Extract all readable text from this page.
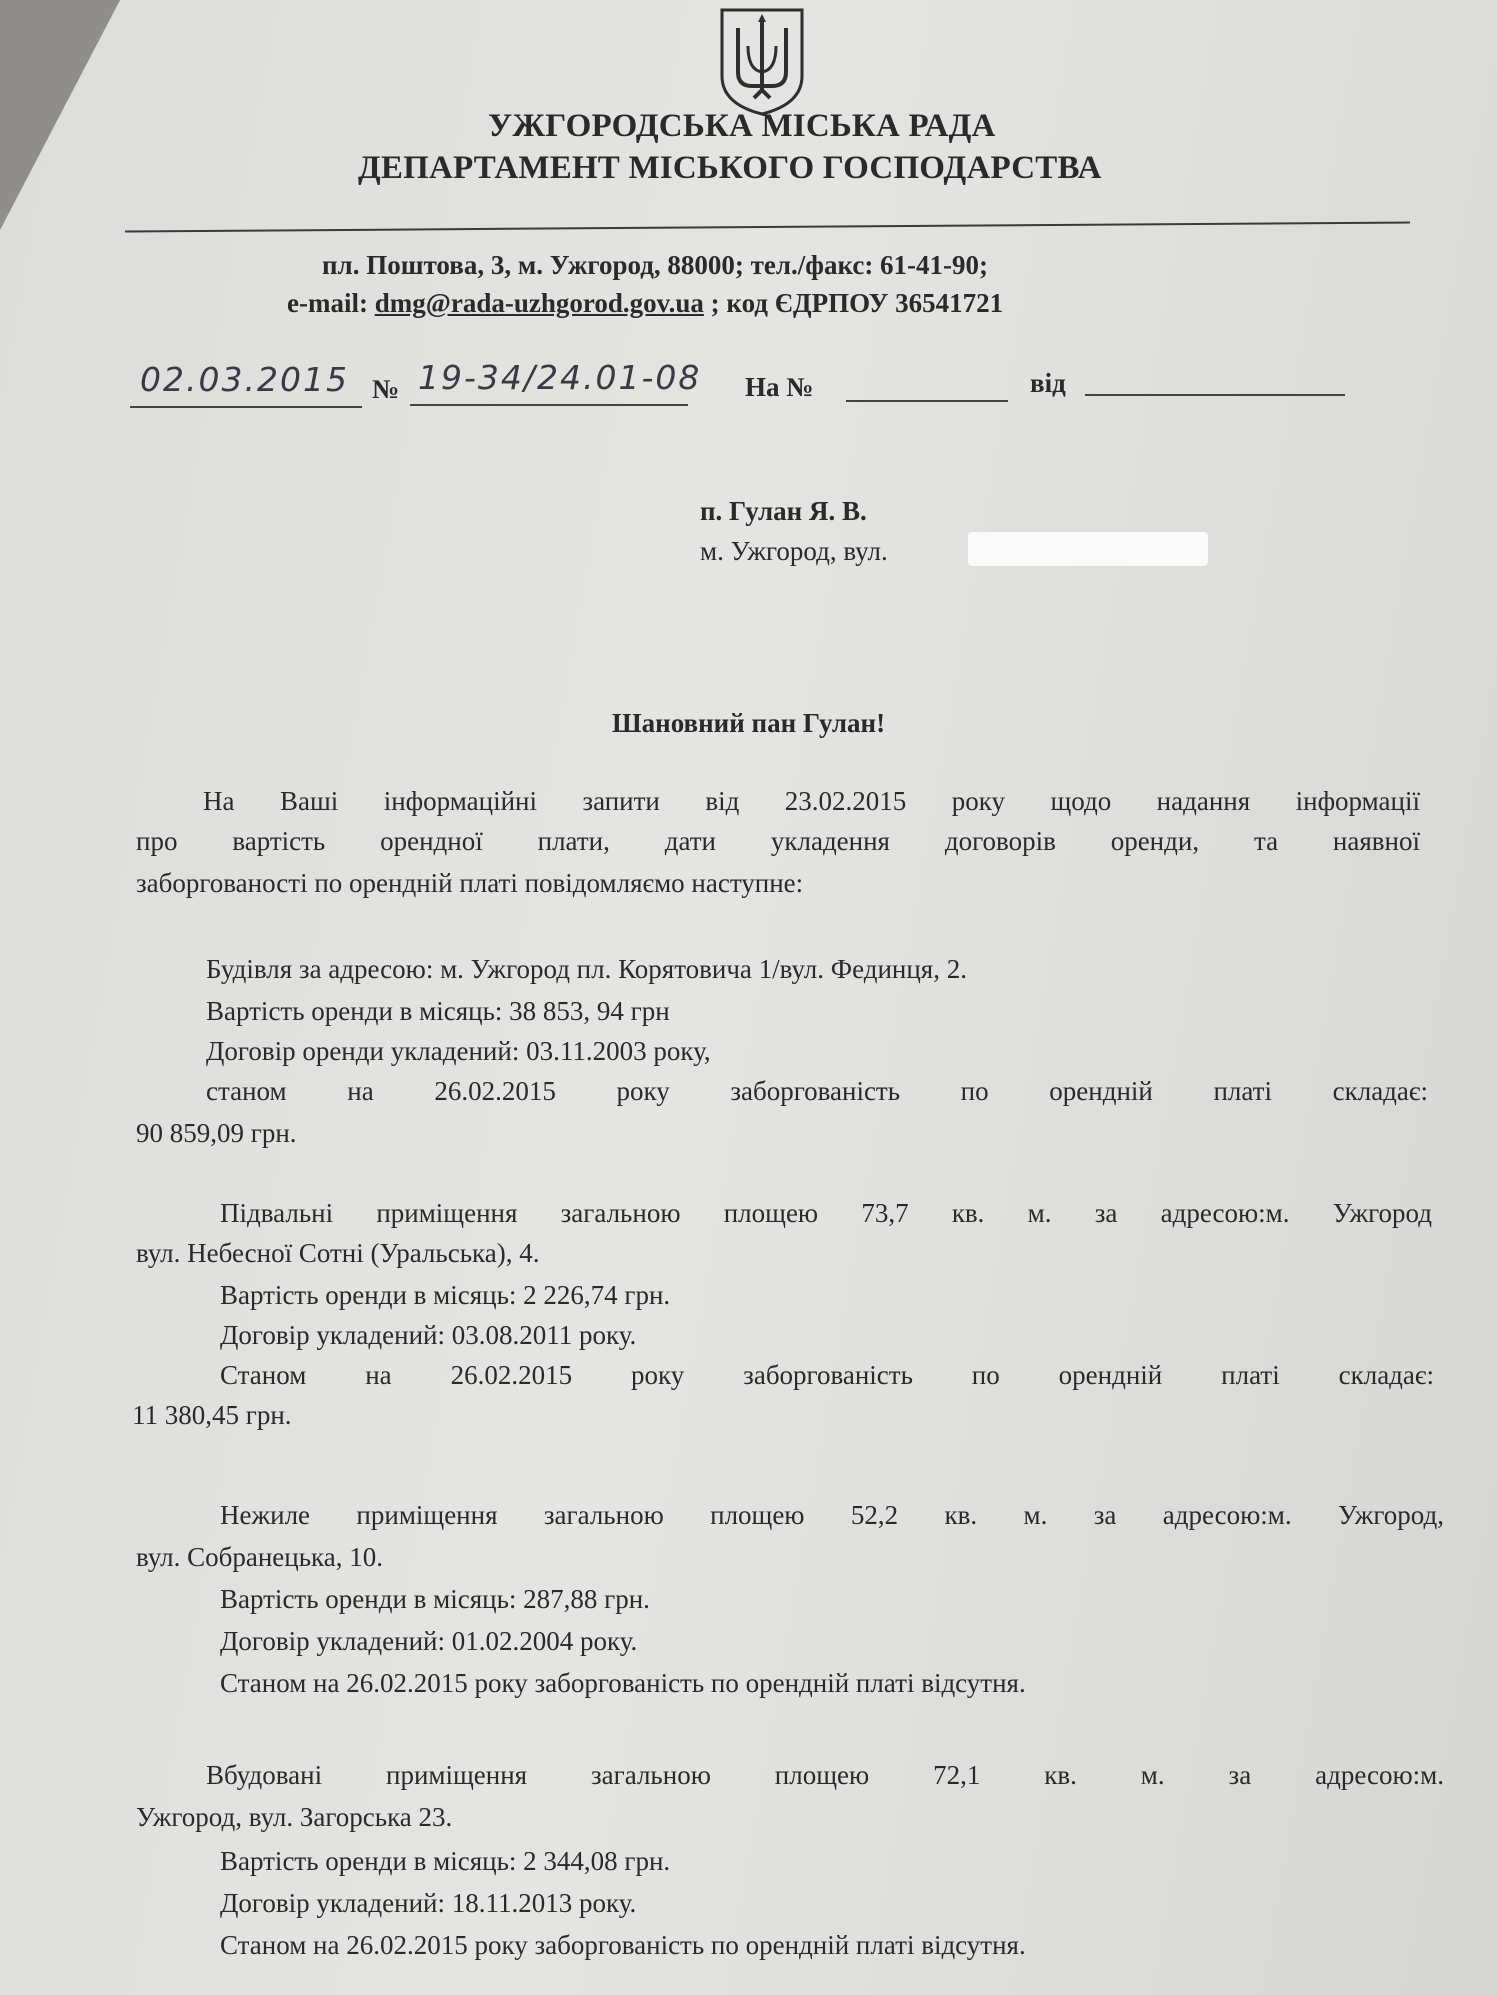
УЖГОРОДСЬКА МІСЬКА РАДА
ДЕПАРТАМЕНТ МІСЬКОГО ГОСПОДАРСТВА
пл. Поштова, 3, м. Ужгород, 88000; тел./факс: 61-41-90;
e-mail: dmg@rada-uzhgorod.gov.ua ; код ЄДРПОУ 36541721
02.03.2015 № 19-34/24.01-08 На №	від
п. Гулан Я. В.
м. Ужгород, вул.
Шановний пан Гулан!
На Ваші інформаційні запити від 23.02.2015 року щодо надання інформації
про вартість орендної плати, дати укладення договорів оренди, та наявної
заборгованості по орендній платі повідомляємо наступне:
Будівля за адресою: м. Ужгород пл. Корятовича 1/вул. Фединця, 2.
Вартість оренди в місяць: 38 853, 94 грн
Договір оренди укладений: 03.11.2003 року,
станом на 26.02.2015 року заборгованість по орендній платі складає:
90 859,09 грн.
Підвальні приміщення загальною площею 73,7 кв. м. за адресою:м. Ужгород
вул. Небесної Сотні (Уральська), 4.
Вартість оренди в місяць: 2 226,74 грн.
Договір укладений: 03.08.2011 року.
Станом на 26.02.2015 року заборгованість по орендній платі складає:
11 380,45 грн.
Нежиле приміщення загальною площею 52,2 кв. м. за адресою:м. Ужгород,
вул. Собранецька, 10.
Вартість оренди в місяць: 287,88 грн.
Договір укладений: 01.02.2004 року.
Станом на 26.02.2015 року заборгованість по орендній платі відсутня.
Вбудовані приміщення загальною площею 72,1 кв. м. за адресою:м.
Ужгород, вул. Загорська 23.
Вартість оренди в місяць: 2 344,08 грн.
Договір укладений: 18.11.2013 року.
Станом на 26.02.2015 року заборгованість по орендній платі відсутня.
